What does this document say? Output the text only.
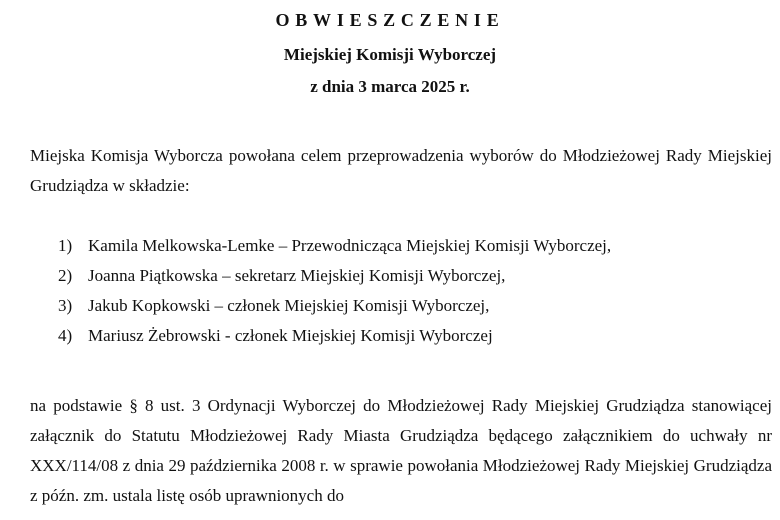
OBWIESZCZENIE
Miejskiej Komisji Wyborczej
z dnia 3 marca 2025 r.
Miejska Komisja Wyborcza powołana celem przeprowadzenia wyborów do Młodzieżowej Rady Miejskiej Grudziądza w składzie:
1) Kamila Melkowska-Lemke – Przewodnicząca Miejskiej Komisji Wyborczej,
2) Joanna Piątkowska – sekretarz Miejskiej Komisji Wyborczej,
3) Jakub Kopkowski – członek Miejskiej Komisji Wyborczej,
4) Mariusz Żebrowski - członek Miejskiej Komisji Wyborczej
na podstawie § 8 ust. 3 Ordynacji Wyborczej do Młodzieżowej Rady Miejskiej Grudziądza stanowiącej załącznik do Statutu Młodzieżowej Rady Miasta Grudziądza będącego załącznikiem do uchwały nr XXX/114/08 z dnia 29 października 2008 r. w sprawie powołania Młodzieżowej Rady Miejskiej Grudziądza z późn. zm. ustala listę osób uprawnionych do
